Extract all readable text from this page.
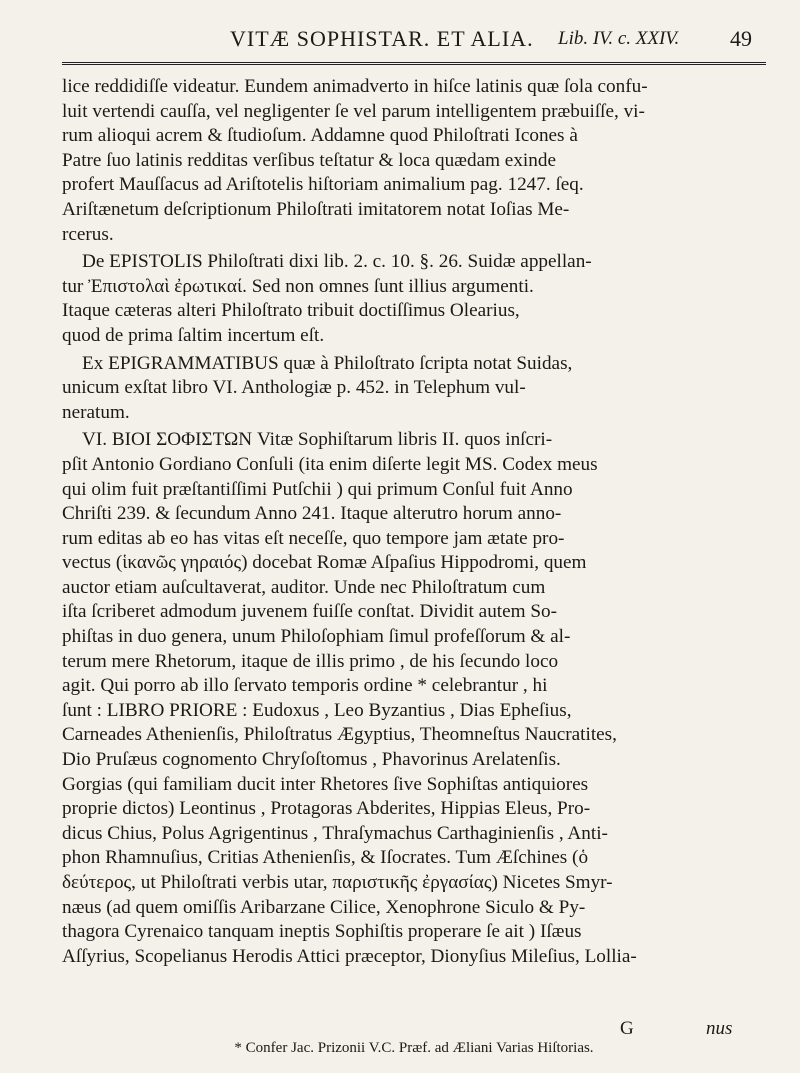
VITÆ SOPHISTAR. ET ALIA. Lib. IV. c. XXIV. 49
lice reddidiſſe videatur. Eundem animadverto in hiſce latinis quæ ſola confu-
luit vertendi cauſſa, vel negligenter ſe vel parum intelligentem præbuiſſe, vi-
rum alioqui acrem & ſtudioſum. Addamne quod Philoſtrati Icones à
Patre ſuo latinis redditas verſibus teſtatur & loca quædam exinde
profert Mauſſacus ad Ariſtotelis hiſtoriam animalium pag. 1247. ſeq.
Ariſtænetum deſcriptionum Philoſtrati imitatorem notat Ioſias Me-
rcerus.
De EPISTOLIS Philoſtrati dixi lib. 2. c. 10. §. 26. Suidæ appellan-
tur Ἐπιστολαὶ ἐρωτικαί. Sed non omnes ſunt illius argumenti.
Itaque cæteras alteri Philoſtrato tribuit doctiſſimus Olearius,
quod de prima ſaltim incertum eſt.
Ex EPIGRAMMATIBUS quæ à Philoſtrato ſcripta notat Suidas,
unicum exſtat libro VI. Anthologiæ p. 452. in Telephum vul-
neratum.
VI. ΒΙΟΙ ΣΟΦΙΣΤΩΝ Vitæ Sophiſtarum libris II. quos inſcri-
pſit Antonio Gordiano Conſuli (ita enim diſerte legit MS. Codex meus
qui olim fuit præſtantiſſimi Putſchii ) qui primum Conſul fuit Anno
Chriſti 239. & ſecundum Anno 241. Itaque alterutro horum anno-
rum editas ab eo has vitas eſt neceſſe, quo tempore jam ætate pro-
vectus (ἱκανῶς γηραιός) docebat Romæ Aſpaſius Hippodromi, quem
auctor etiam auſcultaverat, auditor. Unde nec Philoſtratum cum
iſta ſcriberet admodum juvenem fuiſſe conſtat. Dividit autem So-
phiſtas in duo genera, unum Philoſophiam ſimul profeſſorum & al-
terum mere Rhetorum, itaque de illis primo , de his ſecundo loco
agit. Qui porro ab illo ſervato temporis ordine * celebrantur , hi
ſunt : LIBRO PRIORE : Eudoxus , Leo Byzantius , Dias Epheſius,
Carneades Athenienſis, Philoſtratus Ægyptius, Theomneſtus Naucratites,
Dio Pruſæus cognomento Chryſoſtomus , Phavorinus Arelatenſis.
Gorgias (qui familiam ducit inter Rhetores ſive Sophiſtas antiquiores
proprie dictos) Leontinus , Protagoras Abderites, Hippias Eleus, Pro-
dicus Chius, Polus Agrigentinus , Thraſymachus Carthaginienſis , Anti-
phon Rhamnuſius, Critias Athenienſis, & Iſocrates. Tum Æſchines (ὁ
δεύτερος, ut Philoſtrati verbis utar, παριστικῆς ἐργασίας) Nicetes Smyr-
næus (ad quem omiſſis Aribarzane Cilice, Xenophrone Siculo & Py-
thagora Cyrenaico tanquam ineptis Sophiſtis properare ſe ait ) Iſæus
Aſſyrius, Scopelianus Herodis Attici præceptor, Dionyſius Mileſius, Lollia-
G	nus
* Confer Jac. Prizonii V.C. Præf. ad Æliani Varias Hiſtorias.
